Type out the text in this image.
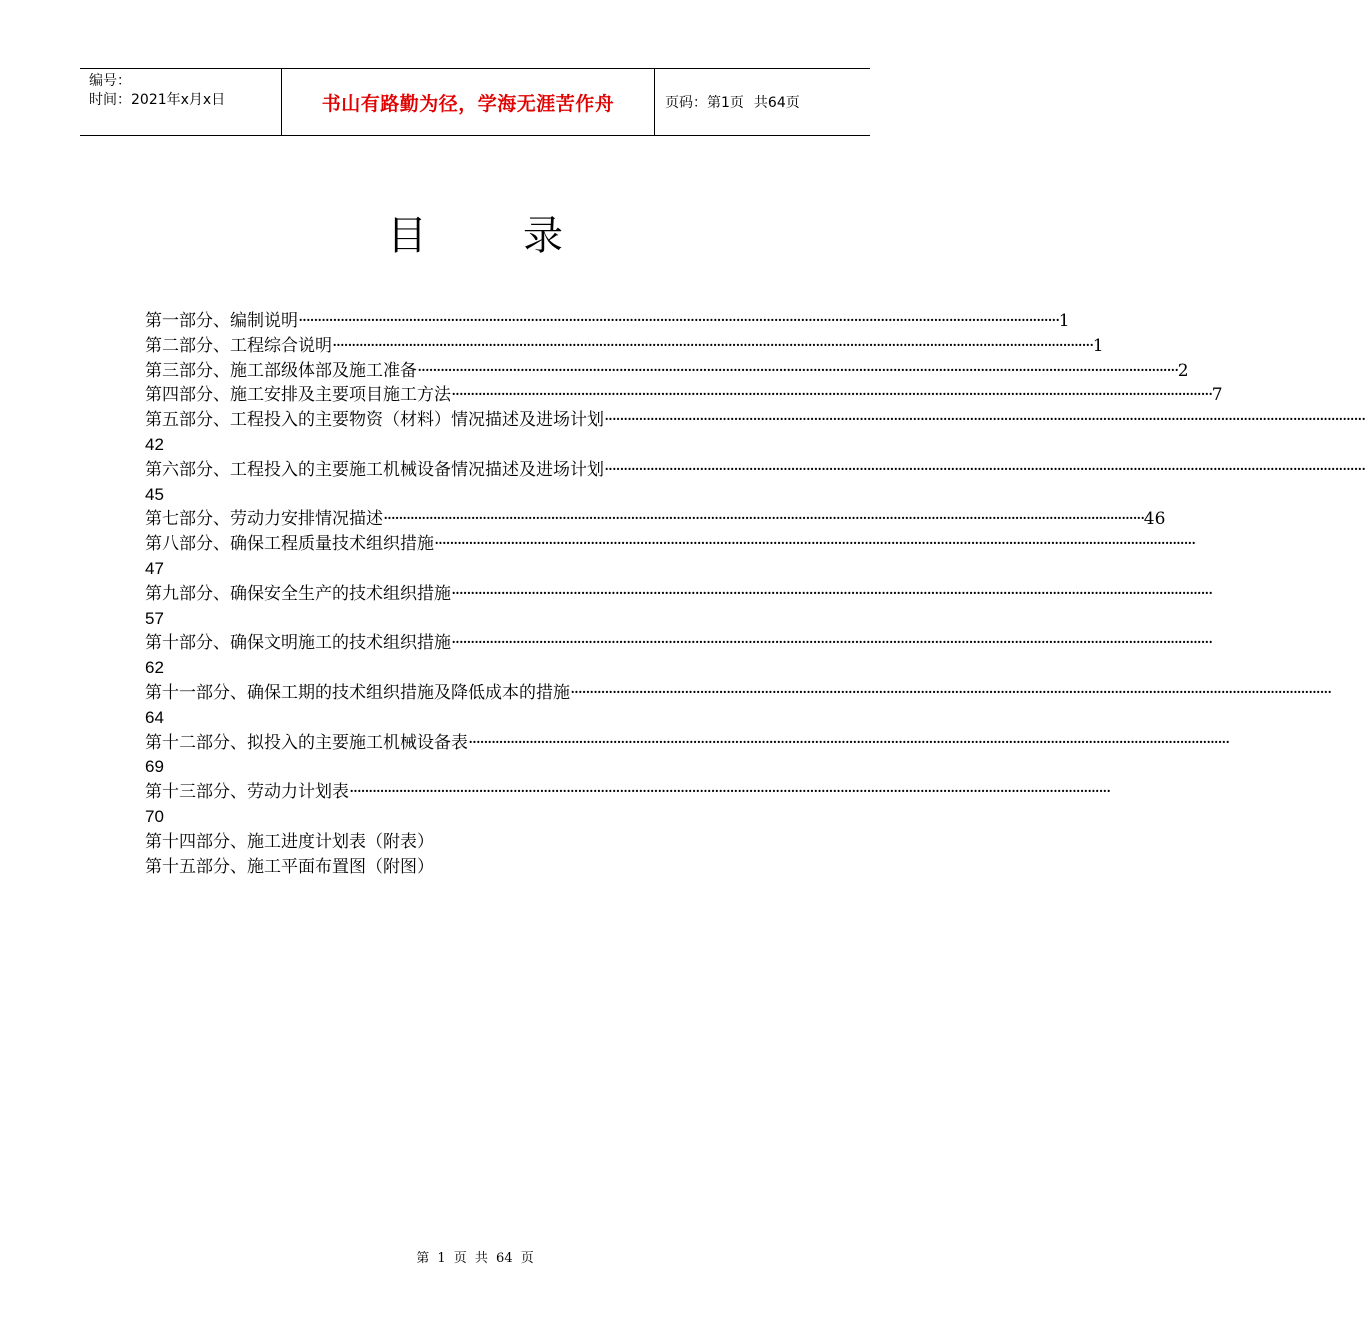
编号：
时间：2021年x月x日	书山有路勤为径，学海无涯苦作舟	页码：第1页 共64页
目 录
第一部分、编制说明 ········································································································································································································ 1
第二部分、工程综合说明 ········································································································································································································ 1
第三部分、施工部级体部及施工准备 ········································································································································································································ 2
第四部分、施工安排及主要项目施工方法 ········································································································································································································ 7
第五部分、工程投入的主要物资（材料）情况描述及进场计划 ········································································································································································································
42
第六部分、工程投入的主要施工机械设备情况描述及进场计划 ········································································································································································································
45
第七部分、劳动力安排情况描述 ········································································································································································································ 46
第八部分、确保工程质量技术组织措施 ········································································································································································································
47
第九部分、确保安全生产的技术组织措施 ········································································································································································································
57
第十部分、确保文明施工的技术组织措施 ········································································································································································································
62
第十一部分、确保工期的技术组织措施及降低成本的措施 ········································································································································································································
64
第十二部分、拟投入的主要施工机械设备表 ········································································································································································································
69
第十三部分、劳动力计划表 ········································································································································································································
70
第十四部分、施工进度计划表（附表）
第十五部分、施工平面布置图（附图）
第 1 页 共 64 页
